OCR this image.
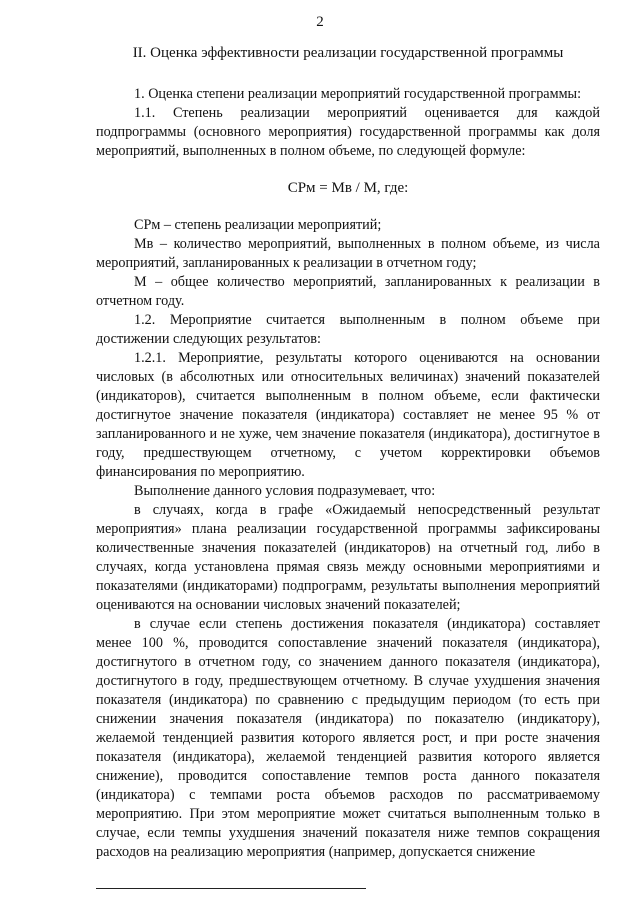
2
II. Оценка эффективности реализации государственной программы

1. Оценка степени реализации мероприятий государственной программы:

1.1. Степень реализации мероприятий оценивается для каждой подпрограммы (основного мероприятия) государственной программы как доля мероприятий, выполненных в полном объеме, по следующей формуле:

СРм = Мв / М, где:

СРм – степень реализации мероприятий;

Мв – количество мероприятий, выполненных в полном объеме, из числа мероприятий, запланированных к реализации в отчетном году;

М – общее количество мероприятий, запланированных к реализации в отчетном году.

1.2. Мероприятие считается выполненным в полном объеме при достижении следующих результатов:

1.2.1. Мероприятие, результаты которого оцениваются на основании числовых (в абсолютных или относительных величинах) значений показателей (индикаторов), считается выполненным в полном объеме, если фактически достигнутое значение показателя (индикатора) составляет не менее 95 % от запланированного и не хуже, чем значение показателя (индикатора), достигнутое в году, предшествующем отчетному, с учетом корректировки объемов финансирования по мероприятию.

Выполнение данного условия подразумевает, что:

в случаях, когда в графе «Ожидаемый непосредственный результат мероприятия» плана реализации государственной программы зафиксированы количественные значения показателей (индикаторов) на отчетный год, либо в случаях, когда установлена прямая связь между основными мероприятиями и показателями (индикаторами) подпрограмм, результаты выполнения мероприятий оцениваются на основании числовых значений показателей;

в случае если степень достижения показателя (индикатора) составляет менее 100 %, проводится сопоставление значений показателя (индикатора), достигнутого в отчетном году, со значением данного показателя (индикатора), достигнутого в году, предшествующем отчетному. В случае ухудшения значения показателя (индикатора) по сравнению с предыдущим периодом (то есть при снижении значения показателя (индикатора) по показателю (индикатору), желаемой тенденцией развития которого является рост, и при росте значения показателя (индикатора), желаемой тенденцией развития которого является снижение), проводится сопоставление темпов роста данного показателя (индикатора) с темпами роста объемов расходов по рассматриваемому мероприятию. При этом мероприятие может считаться выполненным только в случае, если темпы ухудшения значений показателя ниже темпов сокращения расходов на реализацию мероприятия (например, допускается снижение
